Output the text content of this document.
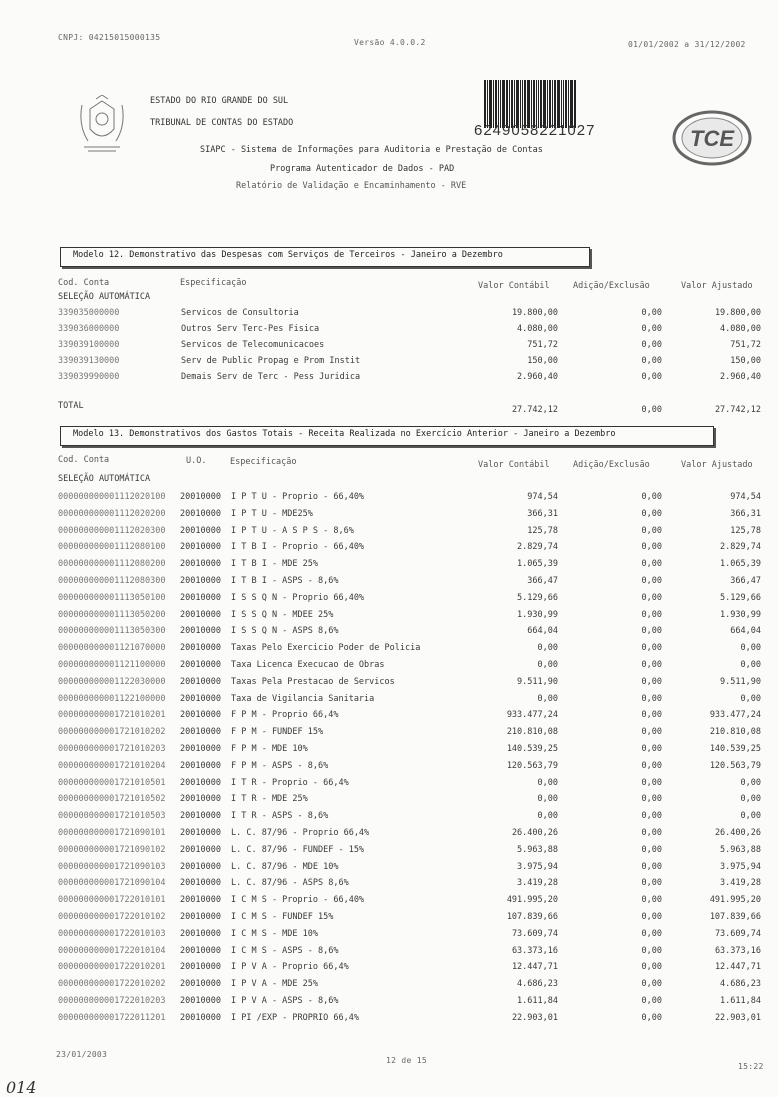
CNPJ: 04215015000135
Versão 4.0.0.2	01/01/2002 a 31/12/2002
ESTADO DO RIO GRANDE DO SUL
TRIBUNAL DE CONTAS DO ESTADO	6249058221027	TCE
SIAPC - Sistema de Informações para Auditoria e Prestação de Contas
Programa Autenticador de Dados - PAD
Relatório de Validação e Encaminhamento - RVE
Modelo 12. Demonstrativo das Despesas com Serviços de Terceiros - Janeiro a Dezembro
Cod. Conta	Especificação	Valor Contábil	Adição/Exclusão	Valor Ajustado
SELEÇÃO AUTOMÁTICA
339035000000	Servicos de Consultoria	19.800,00	0,00	19.800,00
339036000000	Outros Serv Terc-Pes Fisica	4.080,00	0,00	4.080,00
339039100000	Servicos de Telecomunicacoes	751,72	0,00	751,72
339039130000	Serv de Public Propag e Prom Instit	150,00	0,00	150,00
339039990000	Demais Serv de Terc - Pess Juridica	2.960,40	0,00	2.960,40
TOTAL	27.742,12	0,00	27.742,12
Modelo 13. Demonstrativos dos Gastos Totais - Receita Realizada no Exercício Anterior - Janeiro a Dezembro
Cod. Conta	U.O.	Especificação	Valor Contábil	Adição/Exclusão	Valor Ajustado
SELEÇÃO AUTOMÁTICA
000000000001112020100 20010000 I P T U - Proprio - 66,40%	974,54	0,00	974,54
000000000001112020200 20010000 I P T U - MDE25%	366,31	0,00	366,31
000000000001112020300 20010000 I P T U - A S P S - 8,6%	125,78	0,00	125,78
000000000001112080100 20010000 I T B I - Proprio - 66,40%	2.829,74	0,00	2.829,74
000000000001112080200 20010000 I T B I - MDE 25%	1.065,39	0,00	1.065,39
000000000001112080300 20010000 I T B I - ASPS - 8,6%	366,47	0,00	366,47
000000000001113050100 20010000 I S S Q N - Proprio 66,40%	5.129,66	0,00	5.129,66
000000000001113050200 20010000 I S S Q N - MDEE 25%	1.930,99	0,00	1.930,99
000000000001113050300 20010000 I S S Q N - ASPS 8,6%	664,04	0,00	664,04
000000000001121070000 20010000 Taxas Pelo Exercicio Poder de Policia	0,00	0,00	0,00
000000000001121100000 20010000 Taxa Licenca Execucao de Obras	0,00	0,00	0,00
000000000001122030000 20010000 Taxas Pela Prestacao de Servicos	9.511,90	0,00	9.511,90
000000000001122100000 20010000 Taxa de Vigilancia Sanitaria	0,00	0,00	0,00
000000000001721010201 20010000 F P M - Proprio 66,4%	933.477,24	0,00	933.477,24
000000000001721010202 20010000 F P M - FUNDEF 15%	210.810,08	0,00	210.810,08
000000000001721010203 20010000 F P M - MDE 10%	140.539,25	0,00	140.539,25
000000000001721010204 20010000 F P M - ASPS - 8,6%	120.563,79	0,00	120.563,79
000000000001721010501 20010000 I T R - Proprio - 66,4%	0,00	0,00	0,00
000000000001721010502 20010000 I T R - MDE 25%	0,00	0,00	0,00
000000000001721010503 20010000 I T R - ASPS - 8,6%	0,00	0,00	0,00
000000000001721090101 20010000 L. C. 87/96 - Proprio 66,4%	26.400,26	0,00	26.400,26
000000000001721090102 20010000 L. C. 87/96 - FUNDEF - 15%	5.963,88	0,00	5.963,88
000000000001721090103 20010000 L. C. 87/96 - MDE 10%	3.975,94	0,00	3.975,94
000000000001721090104 20010000 L. C. 87/96 - ASPS 8,6%	3.419,28	0,00	3.419,28
000000000001722010101 20010000 I C M S - Proprio - 66,40%	491.995,20	0,00	491.995,20
000000000001722010102 20010000 I C M S - FUNDEF 15%	107.839,66	0,00	107.839,66
000000000001722010103 20010000 I C M S - MDE 10%	73.609,74	0,00	73.609,74
000000000001722010104 20010000 I C M S - ASPS - 8,6%	63.373,16	0,00	63.373,16
000000000001722010201 20010000 I P V A - Proprio 66,4%	12.447,71	0,00	12.447,71
000000000001722010202 20010000 I P V A - MDE 25%	4.686,23	0,00	4.686,23
000000000001722010203 20010000 I P V A - ASPS - 8,6%	1.611,84	0,00	1.611,84
000000000001722011201 20010000 I PI /EXP - PROPRIO 66,4%	22.903,01	0,00	22.903,01
23/01/2003
12 de 15
15:22
014
